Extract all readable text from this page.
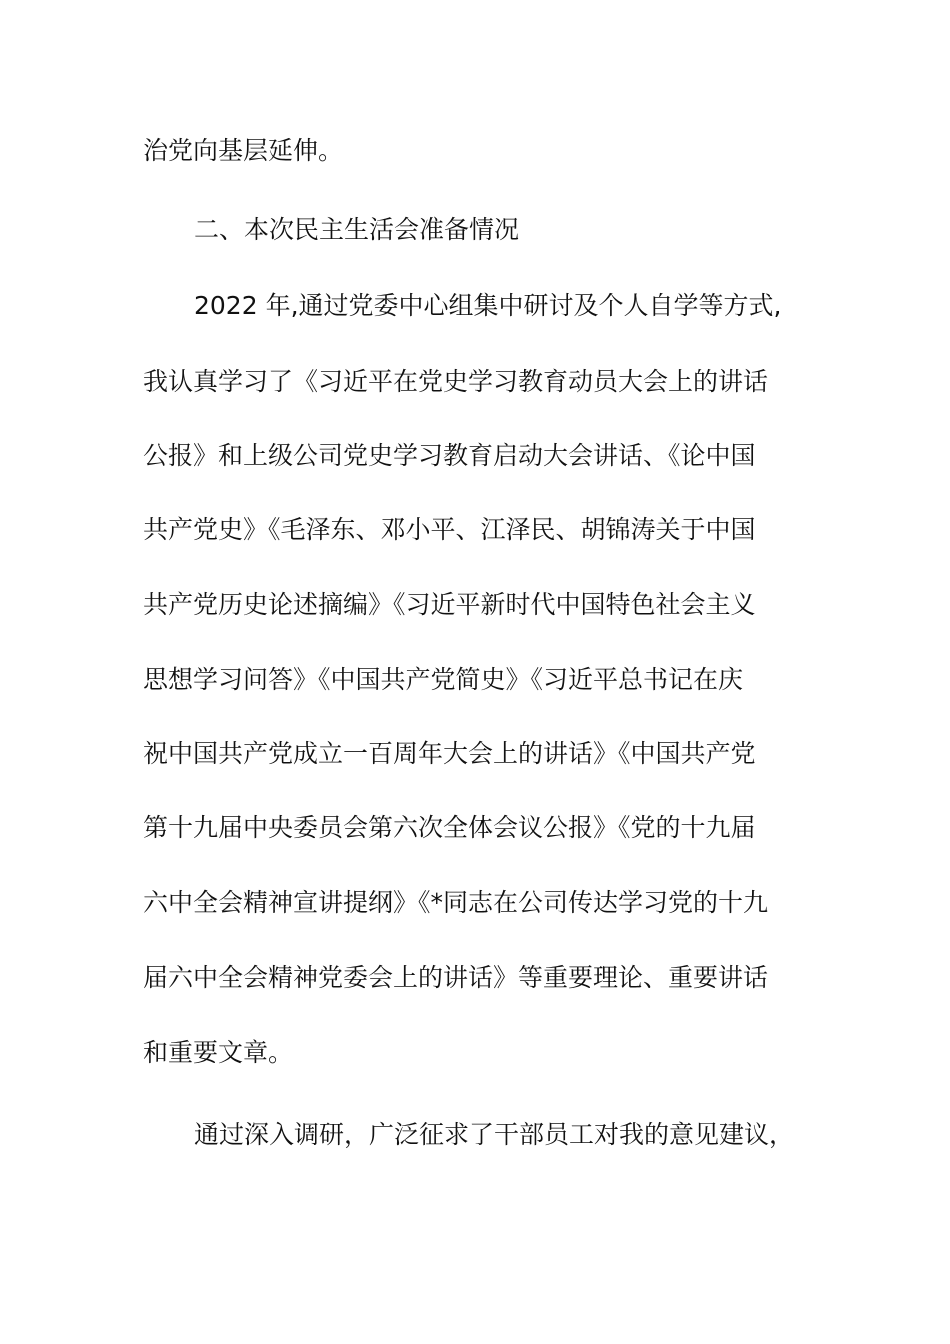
治党向基层延伸。

二、本次民主生活会准备情况

2022 年,通过党委中心组集中研讨及个人自学等方式,

我认真学习了《习近平在党史学习教育动员大会上的讲话

公报》和上级公司党史学习教育启动大会讲话、《论中国

共产党史》《毛泽东、邓小平、江泽民、胡锦涛关于中国

共产党历史论述摘编》《习近平新时代中国特色社会主义

思想学习问答》《中国共产党简史》《习近平总书记在庆

祝中国共产党成立一百周年大会上的讲话》《中国共产党

第十九届中央委员会第六次全体会议公报》《党的十九届

六中全会精神宣讲提纲》《*同志在公司传达学习党的十九

届六中全会精神党委会上的讲话》等重要理论、重要讲话

和重要文章。

通过深入调研，广泛征求了干部员工对我的意见建议，
